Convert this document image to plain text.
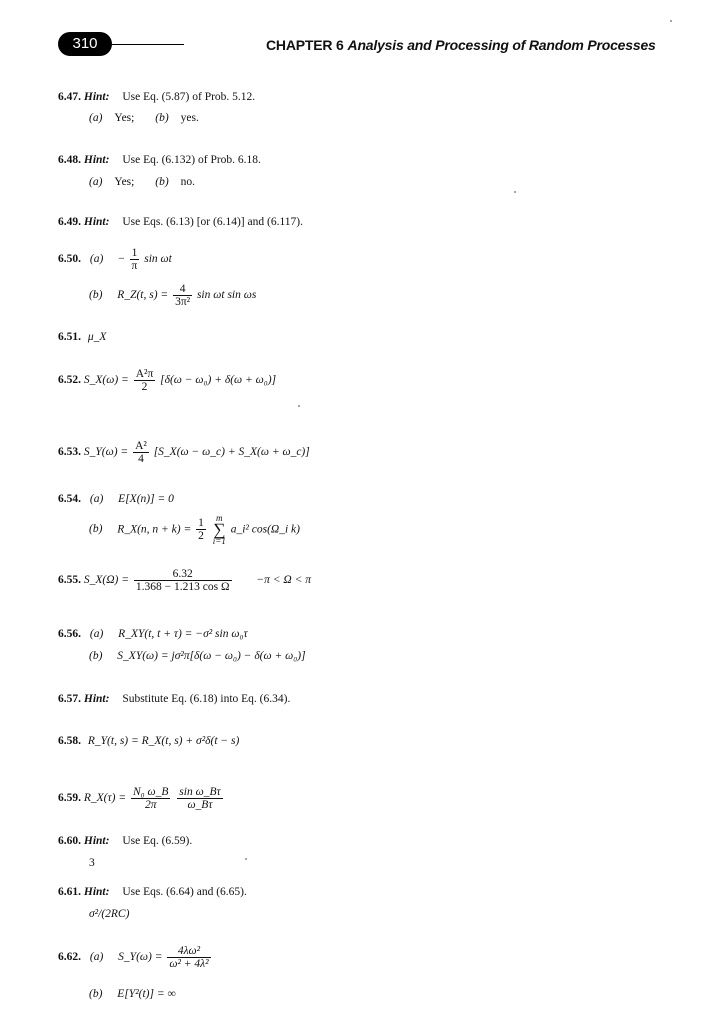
310	CHAPTER 6 Analysis and Processing of Random Processes
6.47. Hint: Use Eq. (5.87) of Prob. 5.12.
(a) Yes; (b) yes.
6.48. Hint: Use Eq. (6.132) of Prob. 6.18.
(a) Yes; (b) no.
6.49. Hint: Use Eqs. (6.13) [or (6.14)] and (6.117).
6.50. $(a) - \frac{1}{\pi}$ sin ωt
(b) R_Z(t, $s) = \frac{4}{\text{3π²}}$ sin ωt sin ωs
6.51. μ_X
6.52. S_X(ω) = $\frac{\text{A²π}}{2} [\delta(\omega - \omega_0) + \delta(\omega + \omega_0)]$
6.53. S_Y(ω) = $\frac{\text{A²}}{4}$ [S_X(ω − ω_c) + S_X(ω + ω_c)]
6.54. (a) E[X(n)] = 0
(b) R_X(n, $n + k) = \frac{1}{2}$
	m
∑
i=1
a_i² cos(Ω_i k)
6.55. S_X(Ω) = $\frac{6.32}{\text{1.368 − 1.213 cos Ω}} -\pi < \Omega < \pi$
6.56. (a) R_XY(t, t + τ) = −σ² sin ω₀τ
(b) S_XY(ω) = jσ²π[δ(ω − ω₀) − δ(ω + ω₀)]
6.57. Hint: Substitute Eq. (6.18) into Eq. (6.34).
6.58. R_Y(t, s) = R_X(t, s) + σ²δ(t − s)
6.59. R_X(τ) = $\frac{\text{N₀ ω\_B}}{2\pi}$
$\frac{\text{sin ω\_Bτ}}{\omega\_B\tau}$
6.60. Hint: Use Eq. (6.59).
3
6.61. Hint: Use Eqs. (6.64) and (6.65).
σ²/(2RC)
6.62. (a) S_Y(ω) = $\frac{\text{4λω²}}{\text{ω² + 4λ²}}$
(b) E[Y²(t)] = ∞
